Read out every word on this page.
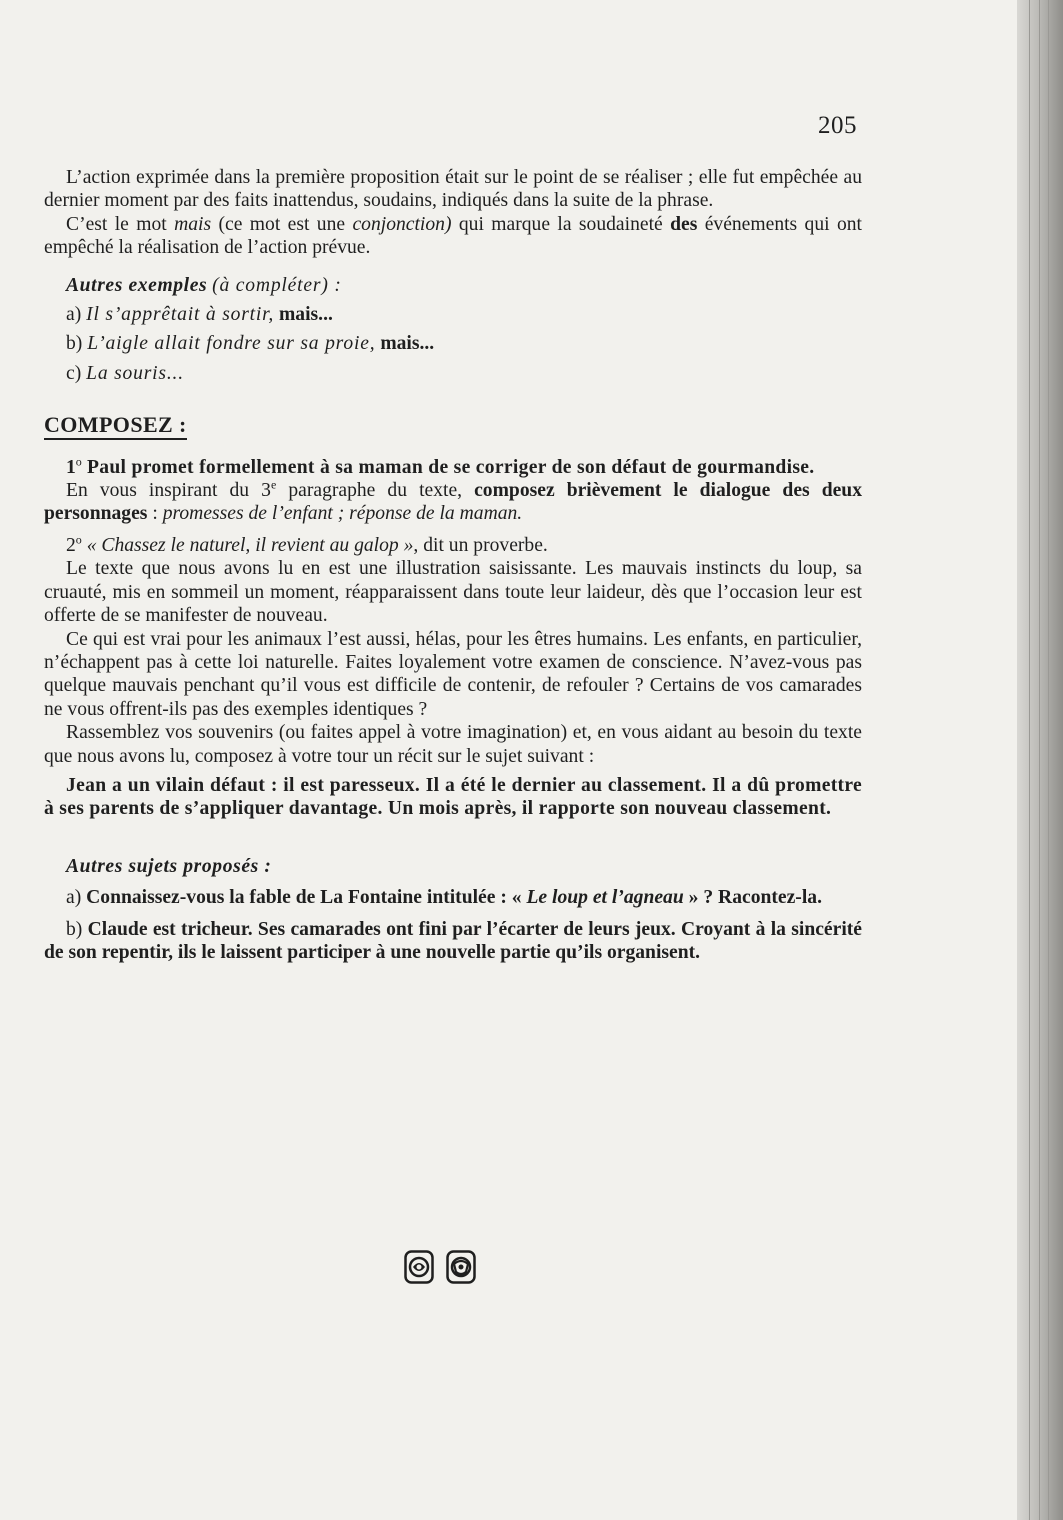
205

L’action exprimée dans la première proposition était sur le point de se réaliser ; elle fut empêchée au dernier moment par des faits inattendus, soudains, indiqués dans la suite de la phrase.

C’est le mot mais (ce mot est une conjonction) qui marque la soudaineté des événements qui ont empêché la réalisation de l’action prévue.

Autres exemples (à compléter) :

a) Il s’apprêtait à sortir, mais...

b) L’aigle allait fondre sur sa proie, mais...

c) La souris...

COMPOSEZ :

1$^o$ Paul promet formellement à sa maman de se corriger de son défaut de gourmandise.

En vous inspirant du 3e paragraphe du texte, composez brièvement le dialogue des deux personnages : promesses de l’enfant ; réponse de la maman.

2$^o$ « Chassez le naturel, il revient au galop », dit un proverbe.

Le texte que nous avons lu en est une illustration saisissante. Les mauvais instincts du loup, sa cruauté, mis en sommeil un moment, réapparaissent dans toute leur laideur, dès que l’occasion leur est offerte de se manifester de nouveau.

Ce qui est vrai pour les animaux l’est aussi, hélas, pour les êtres humains. Les enfants, en particulier, n’échappent pas à cette loi naturelle. Faites loyalement votre examen de conscience. N’avez-vous pas quelque mauvais penchant qu’il vous est difficile de contenir, de refouler ? Certains de vos camarades ne vous offrent-ils pas des exemples identiques ?

Rassemblez vos souvenirs (ou faites appel à votre imagination) et, en vous aidant au besoin du texte que nous avons lu, composez à votre tour un récit sur le sujet suivant :

Jean a un vilain défaut : il est paresseux. Il a été le dernier au classement. Il a dû promettre à ses parents de s’appliquer davantage. Un mois après, il rapporte son nouveau classement.

Autres sujets proposés :

a) Connaissez-vous la fable de La Fontaine intitulée : « Le loup et l’agneau » ? Racontez-la.

b) Claude est tricheur. Ses camarades ont fini par l’écarter de leurs jeux. Croyant à la sincérité de son repentir, ils le laissent participer à une nouvelle partie qu’ils organisent.
